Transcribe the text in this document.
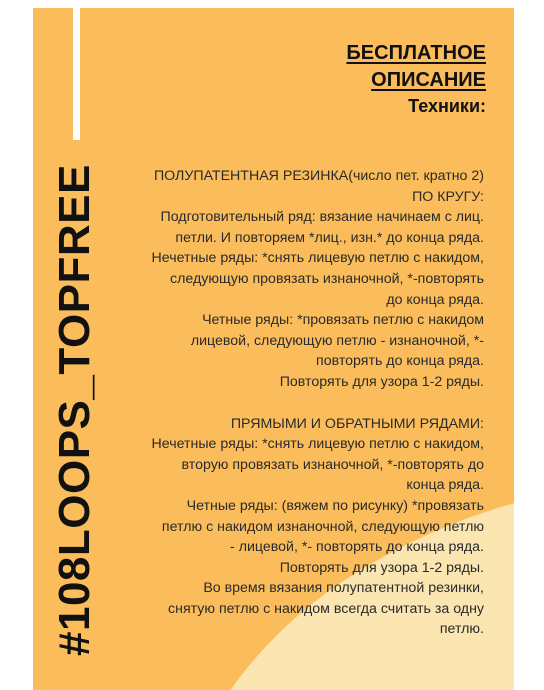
#108LOOPS_TOPFREE

БЕСПЛАТНОЕ
ОПИСАНИЕ
Техники:
ПОЛУПАТЕНТНАЯ РЕЗИНКА(число пет. кратно 2)
ПО КРУГУ:
Подготовительный ряд: вязание начинаем с лиц.
петли. И повторяем *лиц., изн.* до конца ряда.
Нечетные ряды: *снять лицевую петлю с накидом,
следующую провязать изнаночной, *-повторять
до конца ряда.
Четные ряды: *провязать петлю с накидом
лицевой, следующую петлю - изнаночной, *-
повторять до конца ряда.
Повторять для узора 1-2 ряды.
ПРЯМЫМИ И ОБРАТНЫМИ РЯДАМИ:
Нечетные ряды: *снять лицевую петлю с накидом,
вторую провязать изнаночной, *-повторять до
конца ряда.
Четные ряды: (вяжем по рисунку) *провязать
петлю с накидом изнаночной, следующую петлю
- лицевой, *- повторять до конца ряда.
Повторять для узора 1-2 ряды.
Во время вязания полупатентной резинки,
снятую петлю с накидом всегда считать за одну
петлю.
